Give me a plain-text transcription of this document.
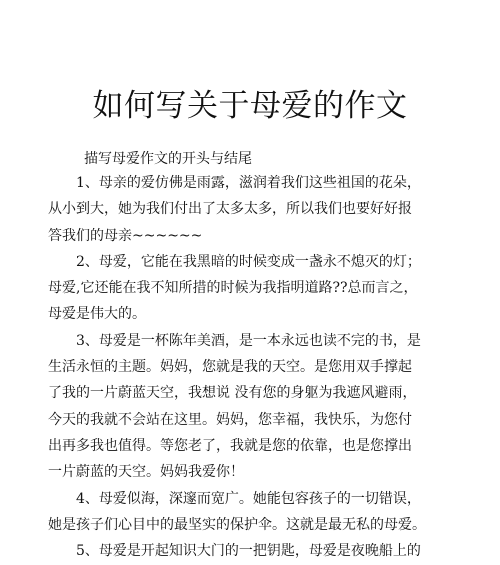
如何写关于母爱的作文

描写母爱作文的开头与结尾

1、母亲的爱仿佛是雨露，滋润着我们这些祖国的花朵，
从小到大，她为我们付出了太多太多，所以我们也要好好报
答我们的母亲~~~~~~
2、母爱，它能在我黑暗的时候变成一盏永不熄灭的灯；
母爱,它还能在我不知所措的时候为我指明道路??总而言之，
母爱是伟大的。
3、母爱是一杯陈年美酒，是一本永远也读不完的书，是
生活永恒的主题。妈妈，您就是我的天空。是您用双手撑起
了我的一片蔚蓝天空，我想说 没有您的身躯为我遮风避雨，
今天的我就不会站在这里。妈妈，您幸福，我快乐，为您付
出再多我也值得。等您老了，我就是您的依靠，也是您撑出
一片蔚蓝的天空。妈妈我爱你！
4、母爱似海，深邃而宽广。她能包容孩子的一切错误，
她是孩子们心目中的最坚实的保护伞。这就是最无私的母爱。
5、母爱是开起知识大门的一把钥匙，母爱是夜晚船上的
